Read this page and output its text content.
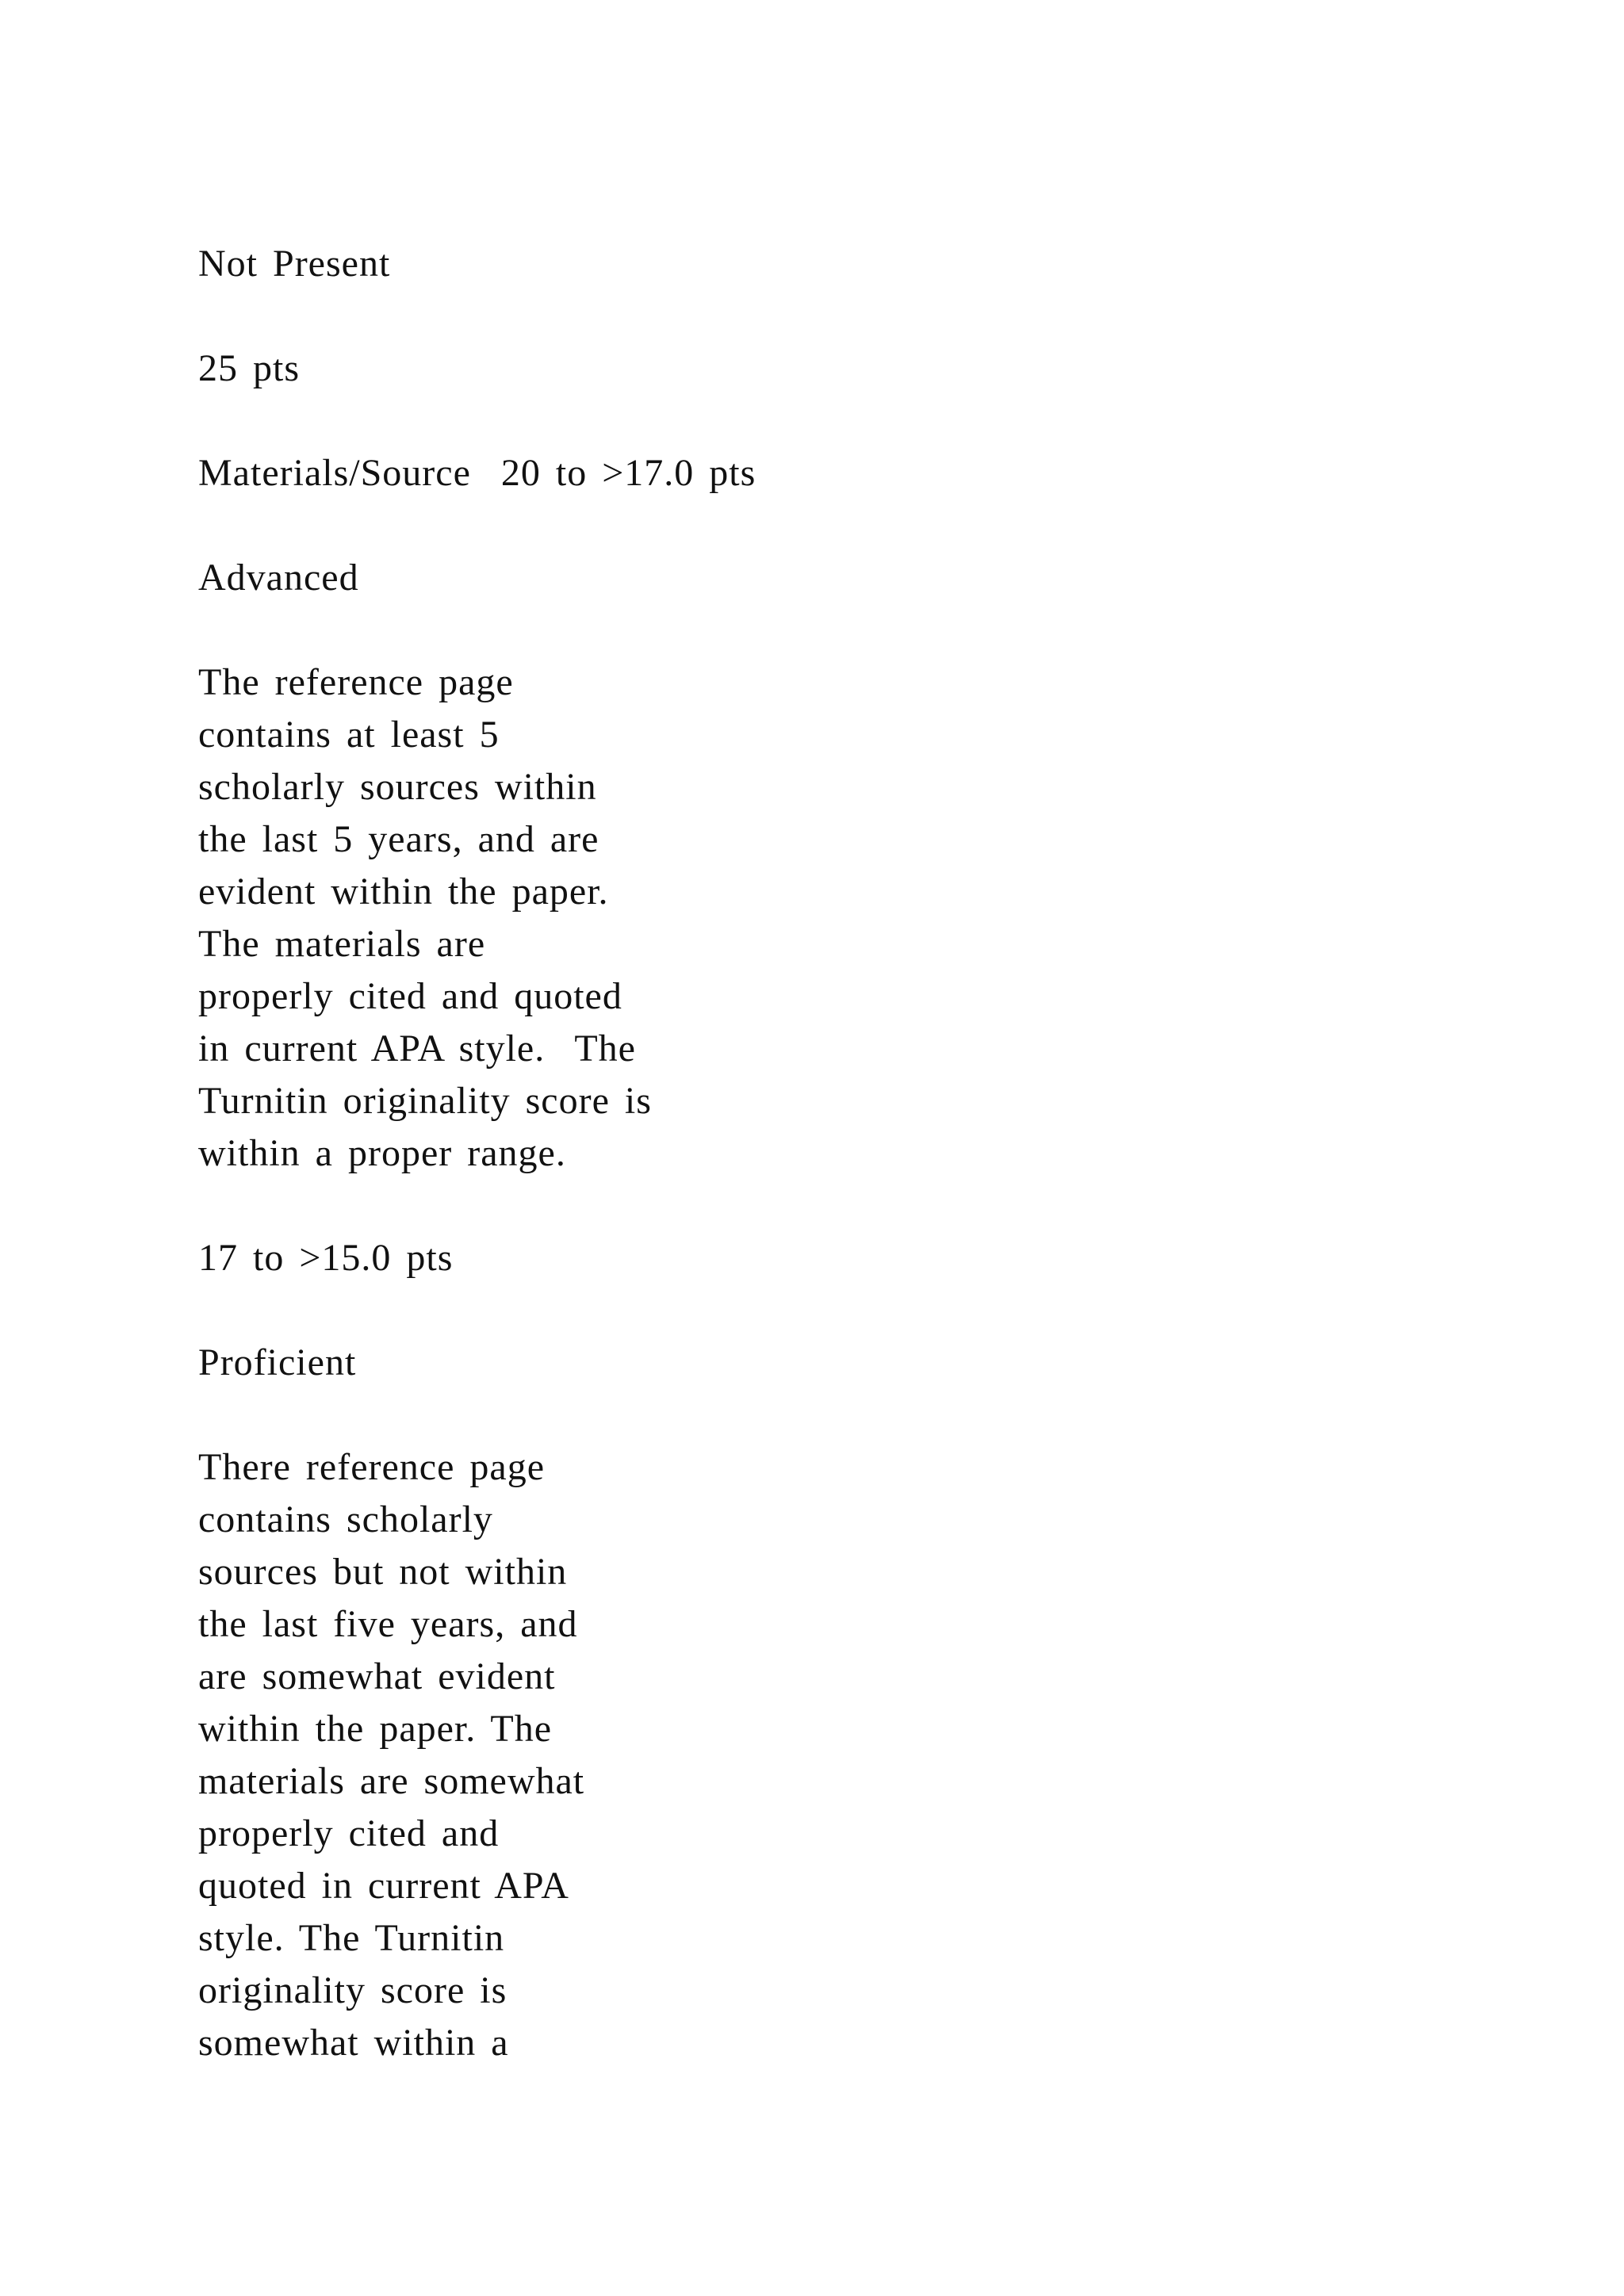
Not Present

25 pts

Materials/Source  20 to >17.0 pts

Advanced

The reference page
contains at least 5
scholarly sources within
the last 5 years, and are
evident within the paper.
The materials are
properly cited and quoted
in current APA style.  The
Turnitin originality score is
within a proper range.

17 to >15.0 pts

Proficient

There reference page
contains scholarly
sources but not within
the last five years, and
are somewhat evident
within the paper. The
materials are somewhat
properly cited and
quoted in current APA
style. The Turnitin
originality score is
somewhat within a
